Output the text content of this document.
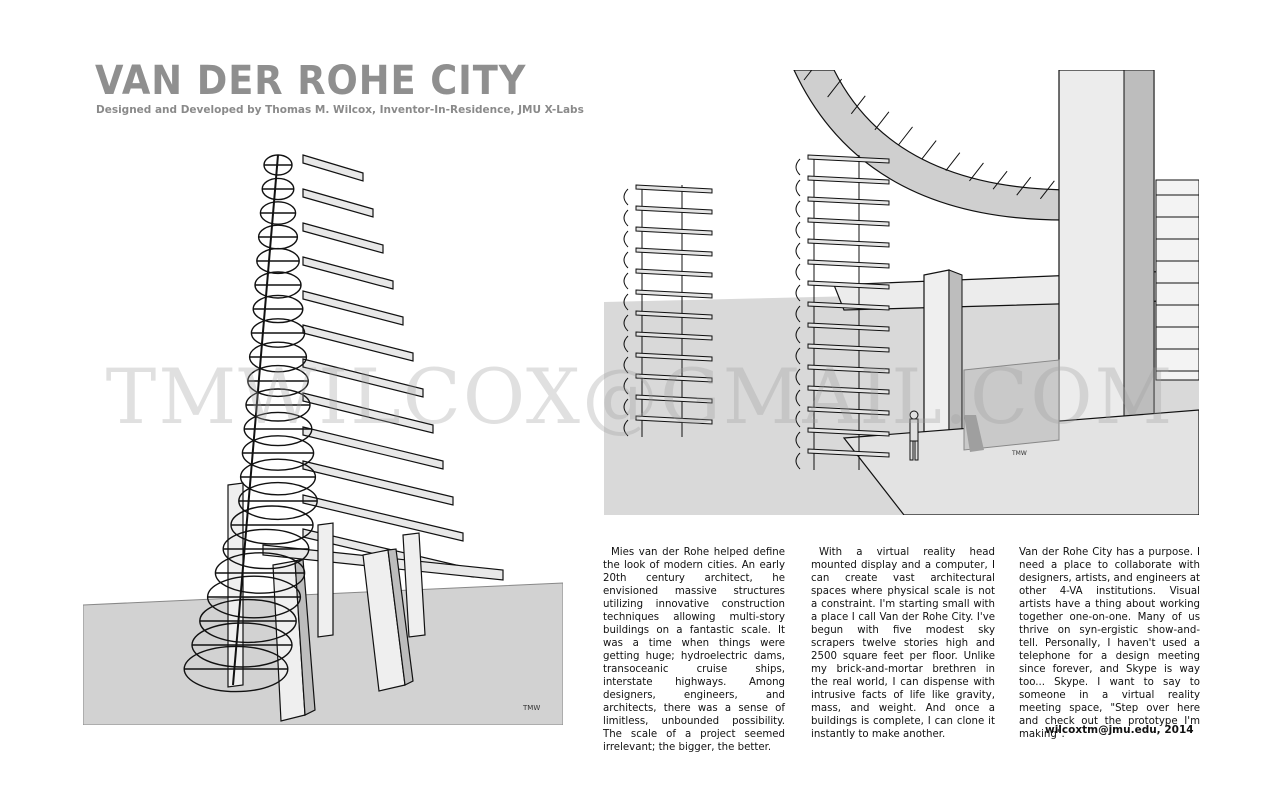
VAN DER ROHE CITY

Designed and Developed by Thomas M. Wilcox, Inventor-In-Residence, JMU X-Labs

TMW
TMW
TMWILCOX@GMAIL.COM
Mies van der Rohe helped define the look of modern cities. An early 20th century architect, he envisioned massive structures utilizing innovative construction techniques allowing multi-story buildings on a fantastic scale. It was a time when things were getting huge; hydroelectric dams, transoceanic cruise ships, interstate highways. Among designers, engineers, and architects, there was a sense of limitless, unbounded possibility. The scale of a project seemed irrelevant; the bigger, the better.
With a virtual reality head mounted display and a computer, I can create vast architectural spaces where physical scale is not a constraint. I'm starting small with a place I call Van der Rohe City. I've begun with five modest sky scrapers twelve stories high and 2500 square feet per floor. Unlike my brick-and-mortar brethren in the real world, I can dispense with intrusive facts of life like gravity, mass, and weight. And once a buildings is complete, I can clone it instantly to make another.
Van der Rohe City has a purpose. I need a place to collaborate with designers, artists, and engineers at other 4-VA institutions. Visual artists have a thing about working together one-on-one. Many of us thrive on syn-ergistic show-and-tell. Personally, I haven't used a telephone for a design meeting since forever, and Skype is way too... Skype. I want to say to someone in a virtual reality meeting space, "Step over here and check out the prototype I'm making".
wilcoxtm@jmu.edu, 2014
